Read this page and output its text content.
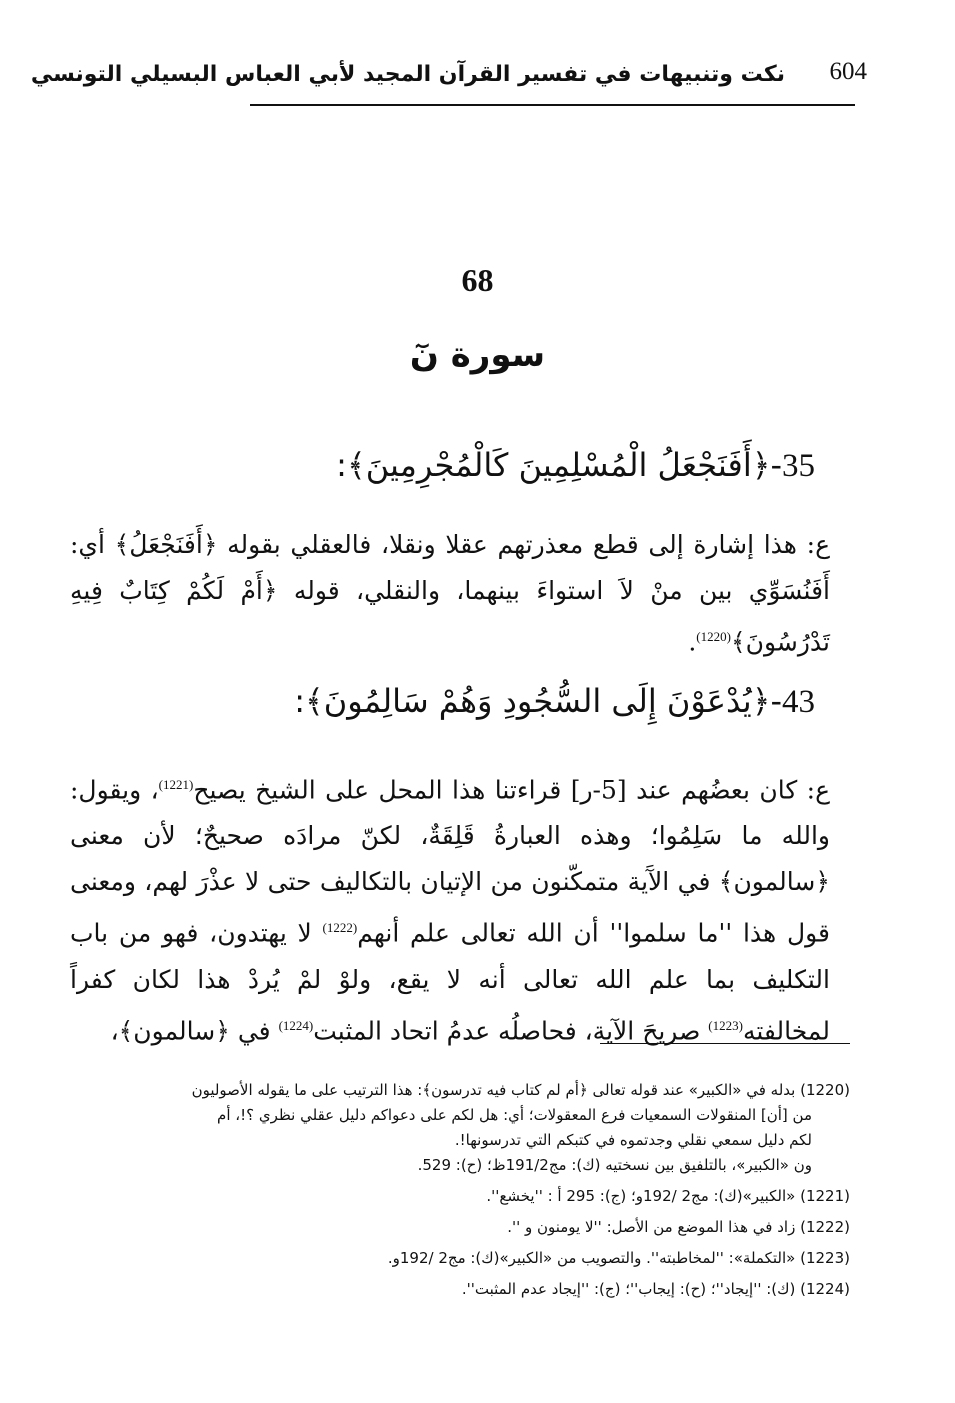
604
نكت وتنبيهات في تفسير القرآن المجيد لأبي العباس البسيلي التونسي
68
سورة نٓ
35-﴿أَفَنَجْعَلُ الْمُسْلِمِينَ كَالْمُجْرِمِينَ﴾:
ع: هذا إشارة إلى قطع معذرتهم عقلا ونقلا، فالعقلي بقوله ﴿أَفَنَجْعَلُ﴾ أي: أَفَنُسَوِّي بين منْ لاَ استواءَ بينهما، والنقلي، قوله ﴿أَمْ لَكُمْ كِتَابٌ فِيهِ تَدْرُسُونَ﴾$^{(1220)}$.
43-﴿يُدْعَوْنَ إِلَى السُّجُودِ وَهُمْ سَالِمُونَ﴾:
ع: كان بعضُهم عند [5-ر] قراءتنا هذا المحل على الشيخ يصيح$^{(1221)}$، ويقول: والله ما سَلِمُوا؛ وهذه العبارةُ قَلِقَةٌ، لكنّ مرادَه صحيحٌ؛ لأن معنى ﴿سالمون﴾ في الآَية متمكّنون من الإتيان بالتكاليف حتى لا عذْرَ لهم، ومعنى قول هذا ''ما سلموا'' أن الله تعالى علم أنهم$^{(1222)}$ لا يهتدون، فهو من باب التكليف بما علم الله تعالى أنه لا يقع، ولوْ لمْ يُردْ هذا لكان كفراً لمخالفته$^{(1223)}$ صريحَ الآية، فحاصلُه عدمُ اتحاد المثبت$^{(1224)}$ في ﴿سالمون﴾،
(1220) بدله في «الكبير» عند قوله تعالى ﴿أم لم كتاب فيه تدرسون﴾: هذا الترتيب على ما يقوله الأصوليون
من [أن] المنقولات السمعيات فرع المعقولات؛ أي: هل لكم على دعواكم دليل عقلي نظري ؟!، أم
لكم دليل سمعي نقلي وجدتموه في كتبكم التي تدرسونها!.
ون «الكبير»، بالتلفيق بين نسختيه (ك): مج191/2ظ؛ (ح): 529.
(1221) «الكبير»(ك): مج2 /192و؛ (ج): 295 أ : ''يخشع''.
(1222) زاد في هذا الموضع من الأصل: ''لا يومنون و ''.
(1223) «التكملة»: ''لمخاطبته''. والتصويب من «الكبير»(ك): مج2 /192و.
(1224) (ك): ''إيجاد''؛ (ح): إيجاب''؛ (ج): ''إيجاد عدم المثبت''.
